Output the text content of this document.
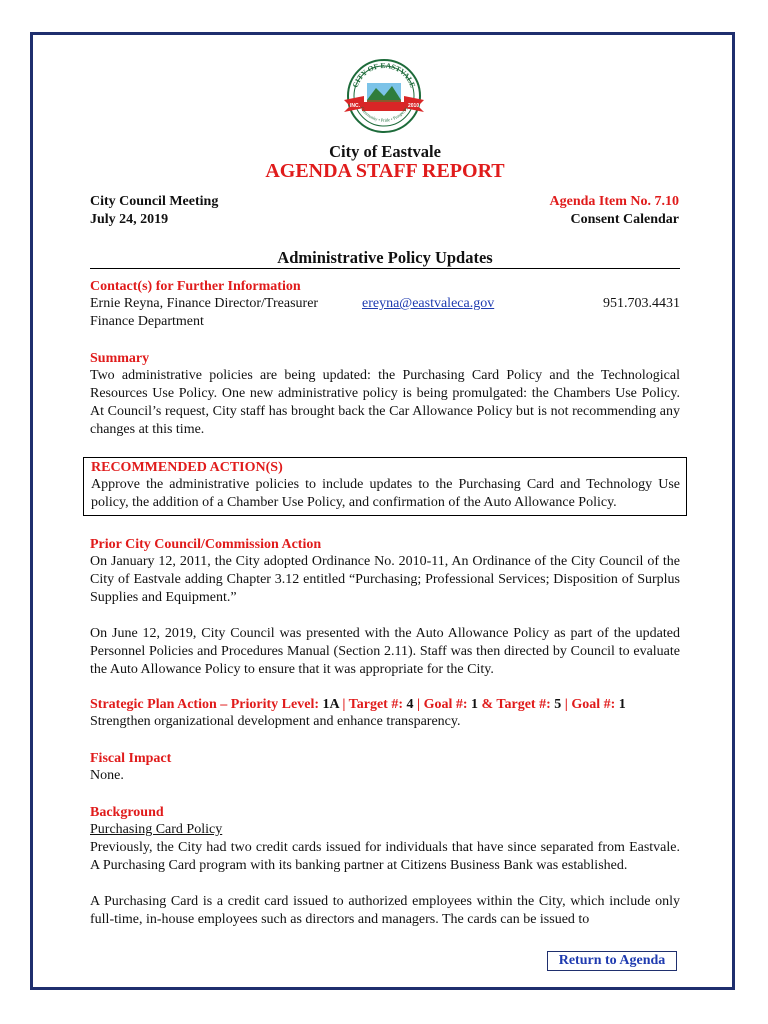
CITY OF EASTVALE
INC.	2010
Community • Pride • Prosperity
City of Eastvale
AGENDA STAFF REPORT
City Council Meeting
July 24, 2019
Agenda Item No. 7.10
Consent Calendar
Administrative Policy Updates
Contact(s) for Further Information
Ernie Reyna, Finance Director/Treasurer	ereyna@eastvaleca.gov	951.703.4431
Finance Department
Summary
Two administrative policies are being updated: the Purchasing Card Policy and the Technological Resources Use Policy. One new administrative policy is being promulgated: the Chambers Use Policy. At Council’s request, City staff has brought back the Car Allowance Policy but is not recommending any changes at this time.
RECOMMENDED ACTION(S)
Approve the administrative policies to include updates to the Purchasing Card and Technology Use policy, the addition of a Chamber Use Policy, and confirmation of the Auto Allowance Policy.
Prior City Council/Commission Action
On January 12, 2011, the City adopted Ordinance No. 2010-11, An Ordinance of the City Council of the City of Eastvale adding Chapter 3.12 entitled “Purchasing; Professional Services; Disposition of Surplus Supplies and Equipment.”
On June 12, 2019, City Council was presented with the Auto Allowance Policy as part of the updated Personnel Policies and Procedures Manual (Section 2.11). Staff was then directed by Council to evaluate the Auto Allowance Policy to ensure that it was appropriate for the City.
Strategic Plan Action – Priority Level: 1A | Target #: 4 | Goal #: 1 & Target #: 5 | Goal #: 1
Strengthen organizational development and enhance transparency.
Fiscal Impact
None.
Background
Purchasing Card Policy
Previously, the City had two credit cards issued for individuals that have since separated from Eastvale. A Purchasing Card program with its banking partner at Citizens Business Bank was established.
A Purchasing Card is a credit card issued to authorized employees within the City, which include only full-time, in-house employees such as directors and managers. The cards can be issued to
Return to Agenda
